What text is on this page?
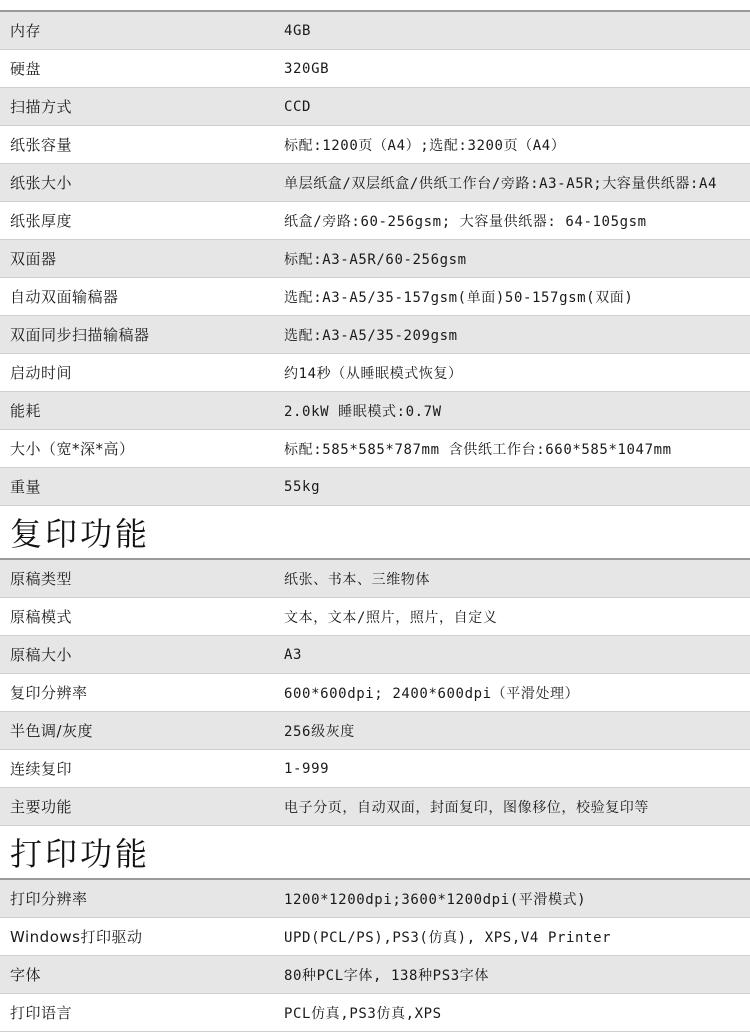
内存	4GB
硬盘	320GB
扫描方式	CCD
纸张容量	标配:1200页（A4）;选配:3200页（A4）
纸张大小	单层纸盒/双层纸盒/供纸工作台/旁路:A3-A5R;大容量供纸器:A4
纸张厚度	纸盒/旁路:60-256gsm; 大容量供纸器: 64-105gsm
双面器	标配:A3-A5R/60-256gsm
自动双面输稿器	选配:A3-A5/35-157gsm(单面)50-157gsm(双面)
双面同步扫描输稿器	选配:A3-A5/35-209gsm
启动时间	约14秒（从睡眠模式恢复）
能耗	2.0kW 睡眠模式:0.7W
大小（宽*深*高）	标配:585*585*787mm 含供纸工作台:660*585*1047mm
重量	55kg
复印功能
原稿类型	纸张、书本、三维物体
原稿模式	文本，文本/照片，照片，自定义
原稿大小	A3
复印分辨率	600*600dpi; 2400*600dpi（平滑处理）
半色调/灰度	256级灰度
连续复印	1-999
主要功能	电子分页，自动双面，封面复印，图像移位，校验复印等
打印功能
打印分辨率	1200*1200dpi;3600*1200dpi(平滑模式)
Windows打印驱动	UPD(PCL/PS),PS3(仿真), XPS,V4 Printer
字体	80种PCL字体, 138种PS3字体
打印语言	PCL仿真,PS3仿真,XPS
